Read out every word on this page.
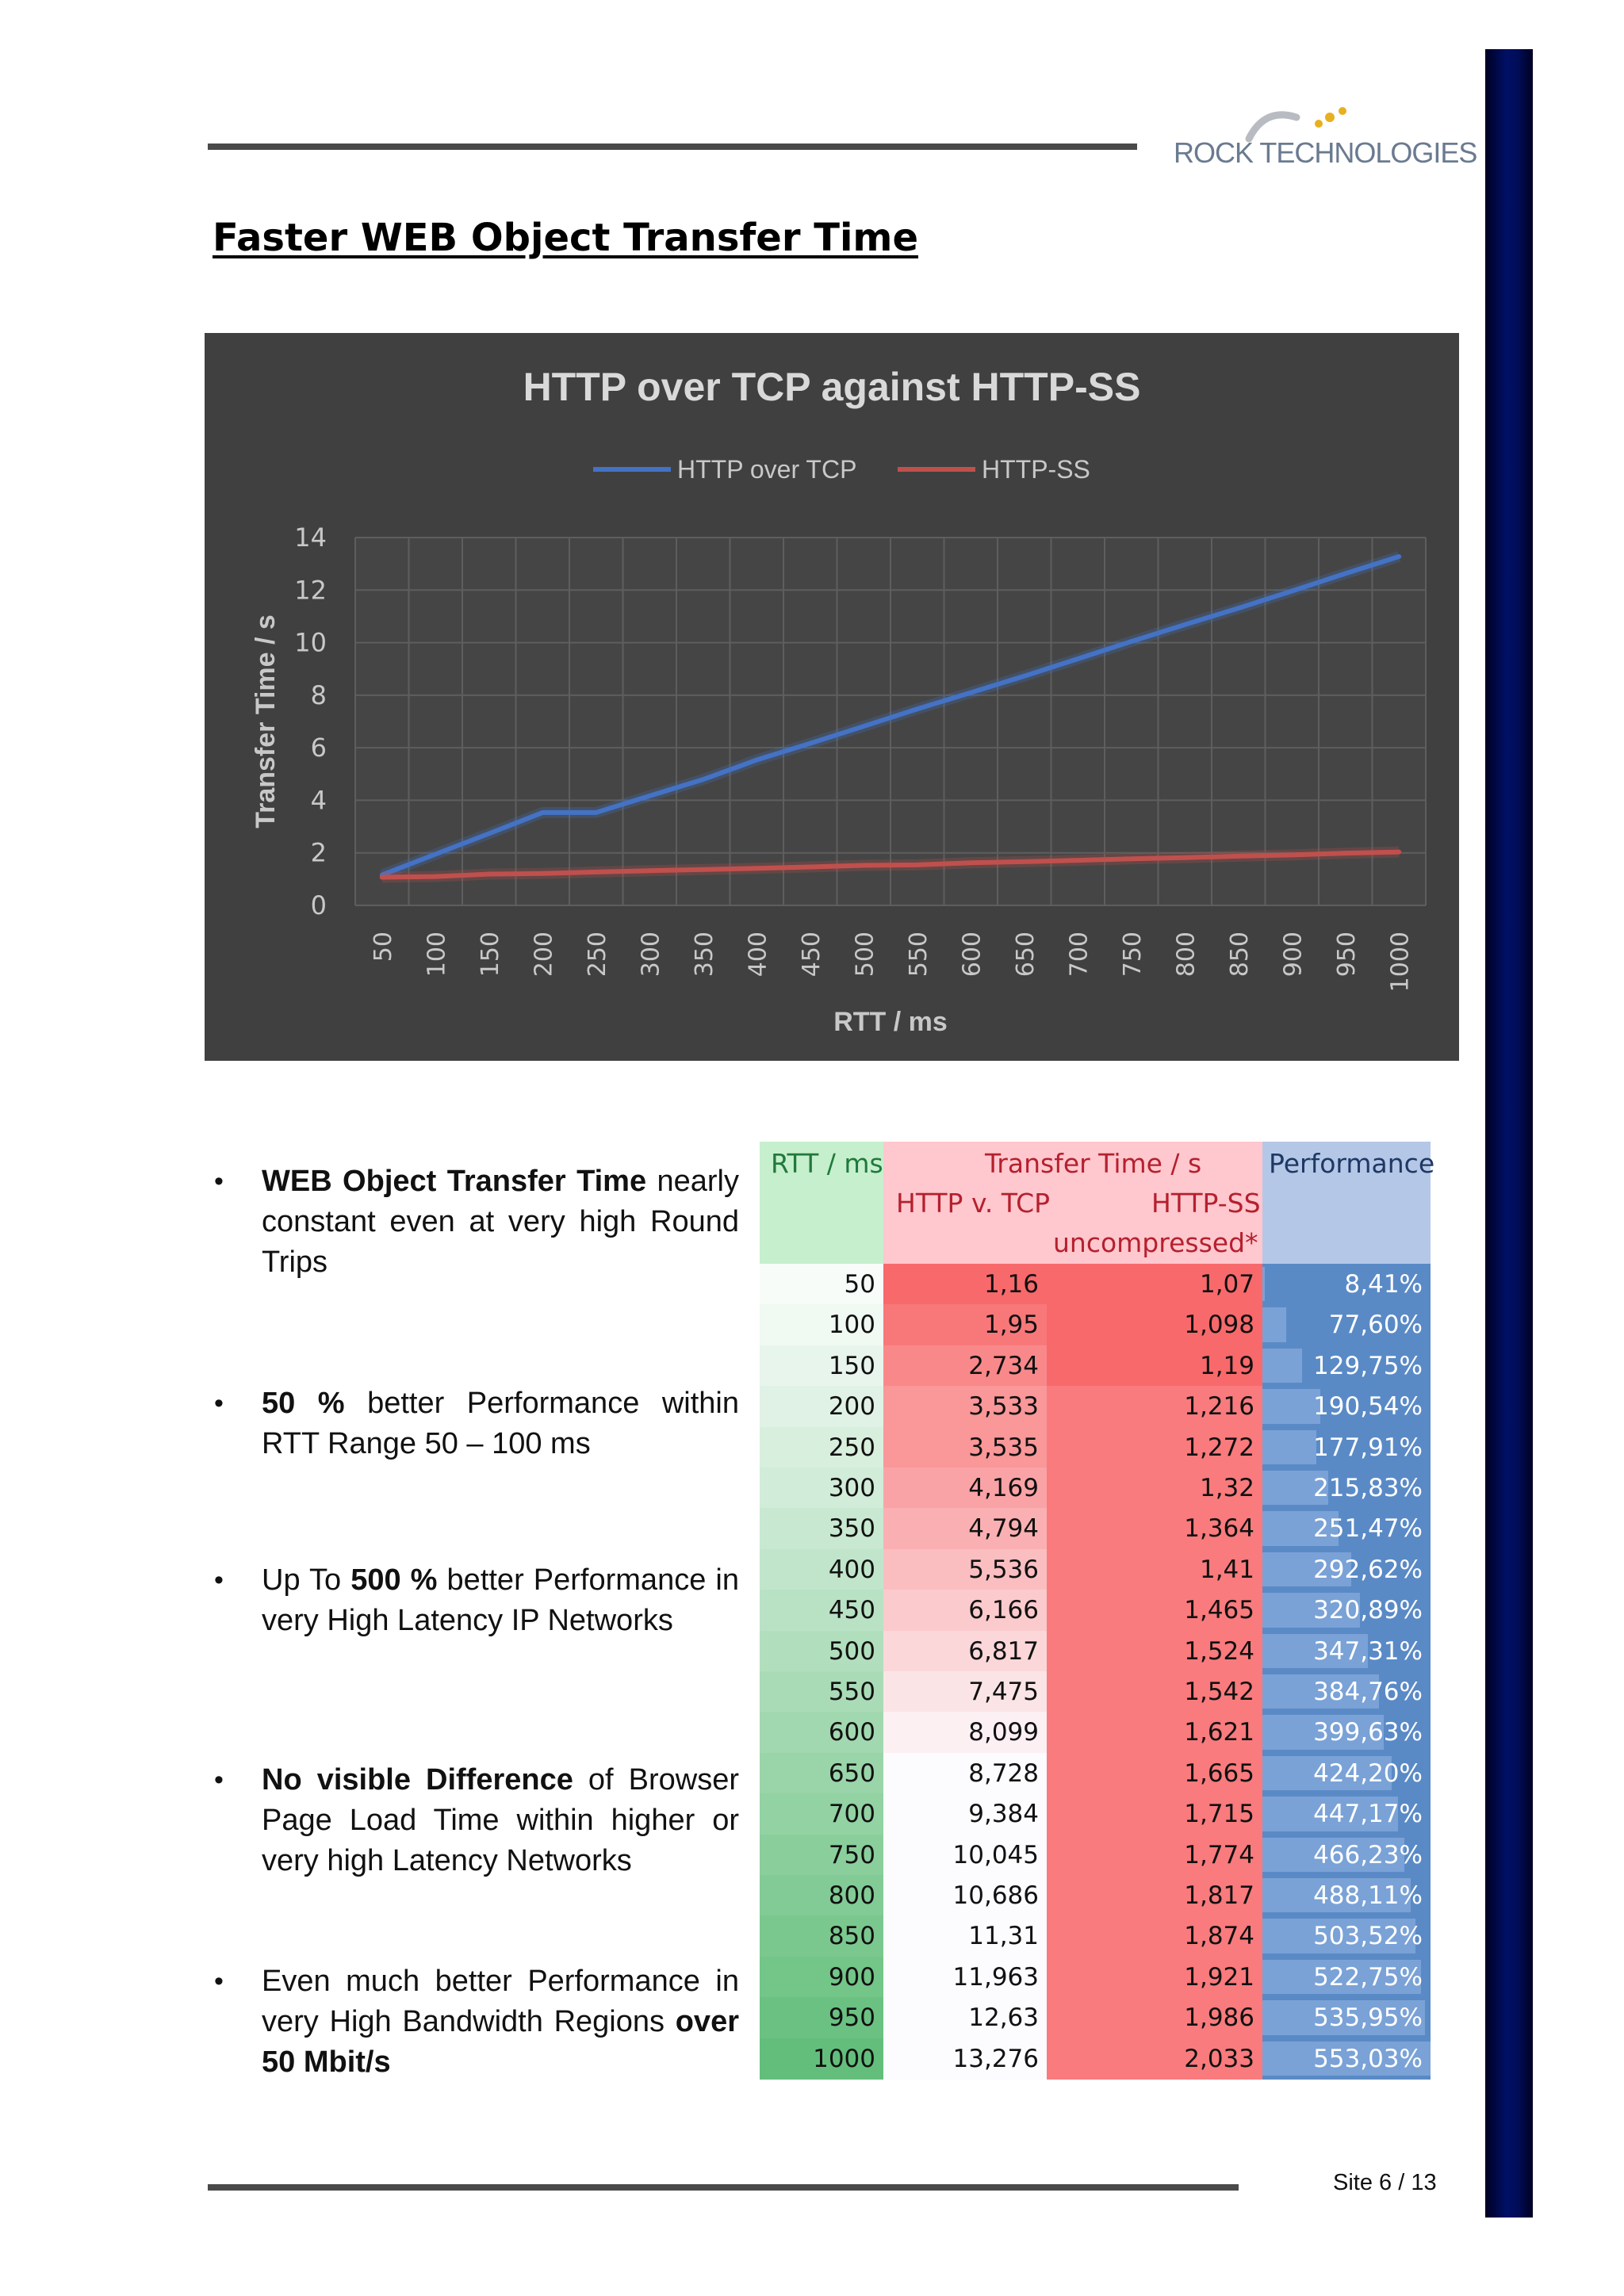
ROCK TECHNOLOGIES
Faster WEB Object Transfer Time
0
2
4
6
8
10
12
14
50 100 150 200 250 300 350 400 450 500 550 600 650 700 750 800 850 900 950 1000
HTTP over TCP against HTTP-SS
RTT / ms
Transfer Time / s
HTTP over TCP	HTTP-SS
• WEB Object Transfer Time nearly constant even at very high Round Trips
• 50 % better Performance within RTT Range 50 – 100 ms
• Up To 500 % better Performance in very High Latency IP Networks
• No visible Difference of Browser Page Load Time within higher or very high Latency Networks
• Even much better Performance in very High Bandwidth Regions over 50 Mbit/s
RTT / ms	Transfer Time / s
HTTP v. TCP	HTTP-SS
uncompressed*
Performance
50	1,16	1,07	8,41%
100	1,95	1,098	77,60%
150	2,734	1,19	129,75%
200	3,533	1,216	190,54%
250	3,535	1,272	177,91%
300	4,169	1,32	215,83%
350	4,794	1,364	251,47%
400	5,536	1,41	292,62%
450	6,166	1,465	320,89%
500	6,817	1,524	347,31%
550	7,475	1,542	384,76%
600	8,099	1,621	399,63%
650	8,728	1,665	424,20%
700	9,384	1,715	447,17%
750	10,045	1,774	466,23%
800	10,686	1,817	488,11%
850	11,31	1,874	503,52%
900	11,963	1,921	522,75%
950	12,63	1,986	535,95%
1000	13,276	2,033	553,03%
Site 6 / 13
